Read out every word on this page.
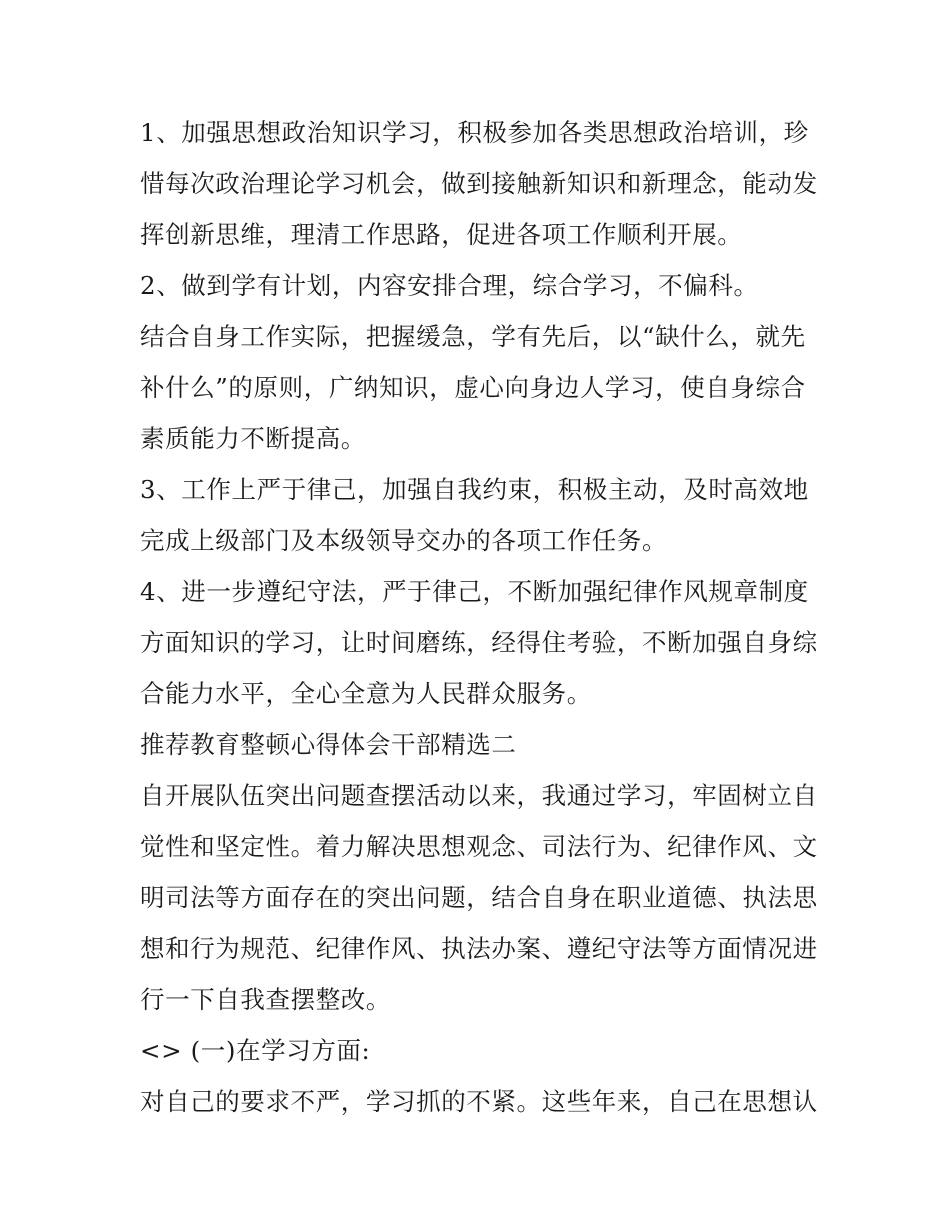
1、加强思想政治知识学习，积极参加各类思想政治培训，珍
惜每次政治理论学习机会，做到接触新知识和新理念，能动发
挥创新思维，理清工作思路，促进各项工作顺利开展。
2、做到学有计划，内容安排合理，综合学习，不偏科。
结合自身工作实际，把握缓急，学有先后，以“缺什么，就先
补什么”的原则，广纳知识，虚心向身边人学习，使自身综合
素质能力不断提高。
3、工作上严于律己，加强自我约束，积极主动，及时高效地
完成上级部门及本级领导交办的各项工作任务。
4、进一步遵纪守法，严于律己，不断加强纪律作风规章制度
方面知识的学习，让时间磨练，经得住考验，不断加强自身综
合能力水平，全心全意为人民群众服务。
推荐教育整顿心得体会干部精选二
自开展队伍突出问题查摆活动以来，我通过学习，牢固树立自
觉性和坚定性。着力解决思想观念、司法行为、纪律作风、文
明司法等方面存在的突出问题，结合自身在职业道德、执法思
想和行为规范、纪律作风、执法办案、遵纪守法等方面情况进
行一下自我查摆整改。
<> (一)在学习方面:
对自己的要求不严，学习抓的不紧。这些年来，自己在思想认
